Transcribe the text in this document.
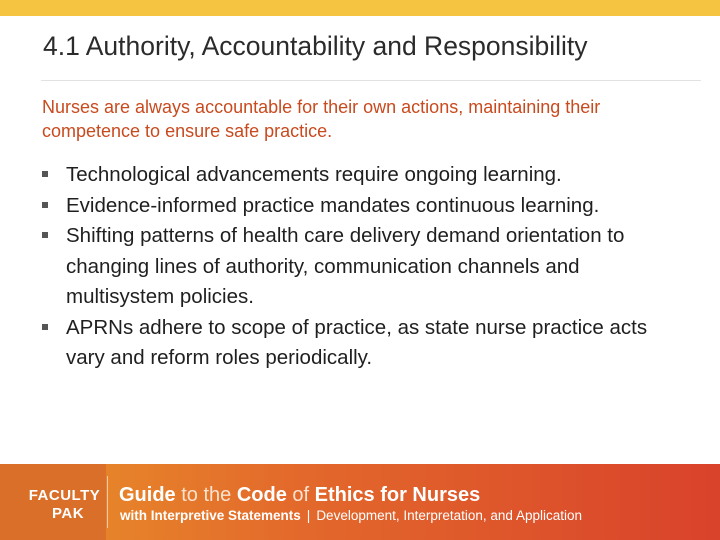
4.1 Authority, Accountability and Responsibility
Nurses are always accountable for their own actions, maintaining their competence to ensure safe practice.
Technological advancements require ongoing learning.
Evidence-informed practice mandates continuous learning.
Shifting patterns of health care delivery demand orientation to changing lines of authority, communication channels and multisystem policies.
APRNs adhere to scope of practice, as state nurse practice acts vary and reform roles periodically.
FACULTY
PAK
Guide to the Code of Ethics for Nurses
with Interpretive Statements | Development, Interpretation, and Application
